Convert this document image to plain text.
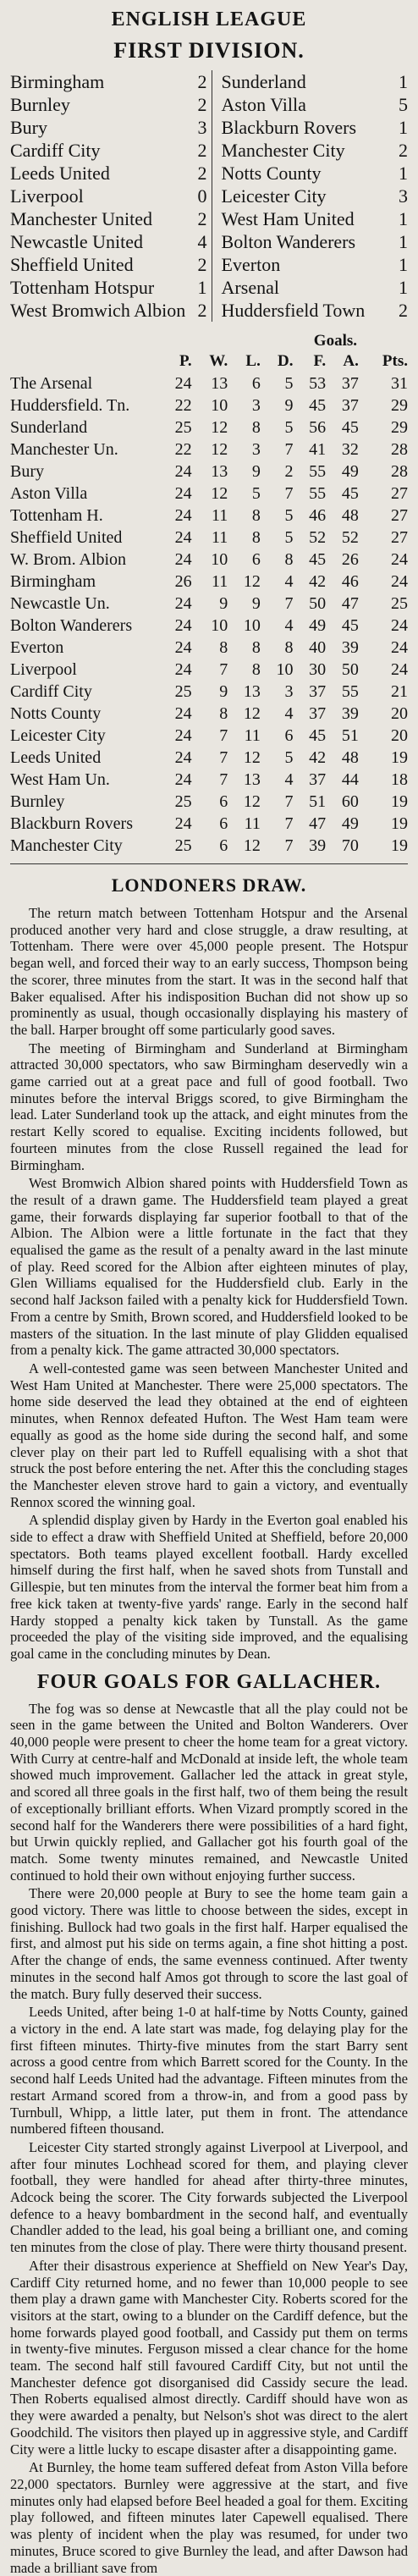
ENGLISH LEAGUE
FIRST DIVISION.
Birmingham	2		Sunderland	1
Burnley	2		Aston Villa	5
Bury	3		Blackburn Rovers	1
Cardiff City	2		Manchester City	2
Leeds United	2		Notts County	1
Liverpool	0		Leicester City	3
Manchester United	2		West Ham United	1
Newcastle United	4		Bolton Wanderers	1
Sheffield United	2		Everton	1
Tottenham Hotspur	1		Arsenal	1
West Bromwich Albion	2		Huddersfield Town	2
Goals.
	P.	W.	L.	D.	F.	A.	Pts.
The Arsenal	24	13	6	5	53	37	31
Huddersfield. Tn.	22	10	3	9	45	37	29
Sunderland	25	12	8	5	56	45	29
Manchester Un.	22	12	3	7	41	32	28
Bury	24	13	9	2	55	49	28
Aston Villa	24	12	5	7	55	45	27
Tottenham H.	24	11	8	5	46	48	27
Sheffield United	24	11	8	5	52	52	27
W. Brom. Albion	24	10	6	8	45	26	24
Birmingham	26	11	12	4	42	46	24
Newcastle Un.	24	9	9	7	50	47	25
Bolton Wanderers	24	10	10	4	49	45	24
Everton	24	8	8	8	40	39	24
Liverpool	24	7	8	10	30	50	24
Cardiff City	25	9	13	3	37	55	21
Notts County	24	8	12	4	37	39	20
Leicester City	24	7	11	6	45	51	20
Leeds United	24	7	12	5	42	48	19
West Ham Un.	24	7	13	4	37	44	18
Burnley	25	6	12	7	51	60	19
Blackburn Rovers	24	6	11	7	47	49	19
Manchester City	25	6	12	7	39	70	19
LONDONERS DRAW.

The return match between Tottenham Hotspur and the Arsenal produced another very hard and close struggle, a draw resulting, at Tottenham. There were over 45,000 people present. The Hotspur began well, and forced their way to an early success, Thompson being the scorer, three minutes from the start. It was in the second half that Baker equalised. After his indisposition Buchan did not show up so prominently as usual, though occasionally displaying his mastery of the ball. Harper brought off some particularly good saves.

The meeting of Birmingham and Sunderland at Birmingham attracted 30,000 spectators, who saw Birmingham deservedly win a game carried out at a great pace and full of good football. Two minutes before the interval Briggs scored, to give Birmingham the lead. Later Sunderland took up the attack, and eight minutes from the restart Kelly scored to equalise. Exciting incidents followed, but fourteen minutes from the close Russell regained the lead for Birmingham.

West Bromwich Albion shared points with Huddersfield Town as the result of a drawn game. The Huddersfield team played a great game, their forwards displaying far superior football to that of the Albion. The Albion were a little fortunate in the fact that they equalised the game as the result of a penalty award in the last minute of play. Reed scored for the Albion after eighteen minutes of play, Glen Williams equalised for the Huddersfield club. Early in the second half Jackson failed with a penalty kick for Huddersfield Town. From a centre by Smith, Brown scored, and Huddersfield looked to be masters of the situation. In the last minute of play Glidden equalised from a penalty kick. The game attracted 30,000 spectators.

A well-contested game was seen between Manchester United and West Ham United at Manchester. There were 25,000 spectators. The home side deserved the lead they obtained at the end of eighteen minutes, when Rennox defeated Hufton. The West Ham team were equally as good as the home side during the second half, and some clever play on their part led to Ruffell equalising with a shot that struck the post before entering the net. After this the concluding stages the Manchester eleven strove hard to gain a victory, and eventually Rennox scored the winning goal.

A splendid display given by Hardy in the Everton goal enabled his side to effect a draw with Sheffield United at Sheffield, before 20,000 spectators. Both teams played excellent football. Hardy excelled himself during the first half, when he saved shots from Tunstall and Gillespie, but ten minutes from the interval the former beat him from a free kick taken at twenty-five yards' range. Early in the second half Hardy stopped a penalty kick taken by Tunstall. As the game proceeded the play of the visiting side improved, and the equalising goal came in the concluding minutes by Dean.

FOUR GOALS FOR GALLACHER.

The fog was so dense at Newcastle that all the play could not be seen in the game between the United and Bolton Wanderers. Over 40,000 people were present to cheer the home team for a great victory. With Curry at centre-half and McDonald at inside left, the whole team showed much improvement. Gallacher led the attack in great style, and scored all three goals in the first half, two of them being the result of exceptionally brilliant efforts. When Vizard promptly scored in the second half for the Wanderers there were possibilities of a hard fight, but Urwin quickly replied, and Gallacher got his fourth goal of the match. Some twenty minutes remained, and Newcastle United continued to hold their own without enjoying further success.

There were 20,000 people at Bury to see the home team gain a good victory. There was little to choose between the sides, except in finishing. Bullock had two goals in the first half. Harper equalised the first, and almost put his side on terms again, a fine shot hitting a post. After the change of ends, the same evenness continued. After twenty minutes in the second half Amos got through to score the last goal of the match. Bury fully deserved their success.

Leeds United, after being 1-0 at half-time by Notts County, gained a victory in the end. A late start was made, fog delaying play for the first fifteen minutes. Thirty-five minutes from the start Barry sent across a good centre from which Barrett scored for the County. In the second half Leeds United had the advantage. Fifteen minutes from the restart Armand scored from a throw-in, and from a good pass by Turnbull, Whipp, a little later, put them in front. The attendance numbered fifteen thousand.

Leicester City started strongly against Liverpool at Liverpool, and after four minutes Lochhead scored for them, and playing clever football, they were handled for ahead after thirty-three minutes, Adcock being the scorer. The City forwards subjected the Liverpool defence to a heavy bombardment in the second half, and eventually Chandler added to the lead, his goal being a brilliant one, and coming ten minutes from the close of play. There were thirty thousand present.

After their disastrous experience at Sheffield on New Year's Day, Cardiff City returned home, and no fewer than 10,000 people to see them play a drawn game with Manchester City. Roberts scored for the visitors at the start, owing to a blunder on the Cardiff defence, but the home forwards played good football, and Cassidy put them on terms in twenty-five minutes. Ferguson missed a clear chance for the home team. The second half still favoured Cardiff City, but not until the Manchester defence got disorganised did Cassidy secure the lead. Then Roberts equalised almost directly. Cardiff should have won as they were awarded a penalty, but Nelson's shot was direct to the alert Goodchild. The visitors then played up in aggressive style, and Cardiff City were a little lucky to escape disaster after a disappointing game.

At Burnley, the home team suffered defeat from Aston Villa before 22,000 spectators. Burnley were aggressive at the start, and five minutes only had elapsed before Beel headed a goal for them. Exciting play followed, and fifteen minutes later Capewell equalised. There was plenty of incident when the play was resumed, for under two minutes, Bruce scored to give Burnley the lead, and after Dawson had made a brilliant save from
